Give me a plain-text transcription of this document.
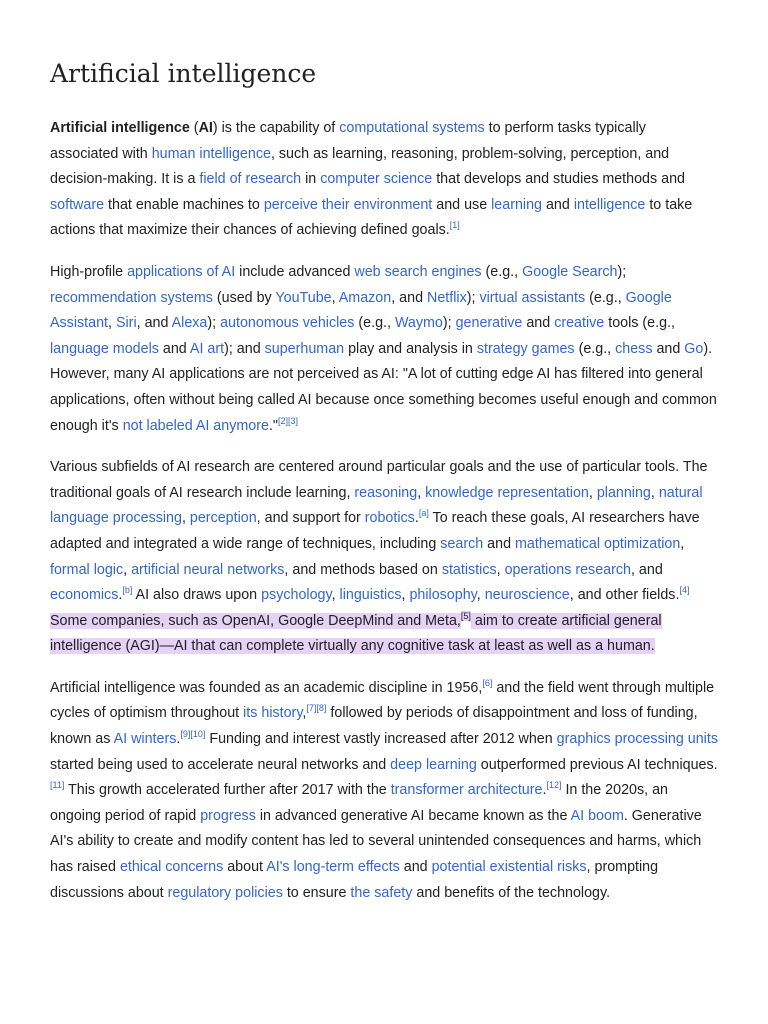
Artificial intelligence

Artificial intelligence (AI) is the capability of computational systems to perform tasks typically associated with human intelligence, such as learning, reasoning, problem-solving, perception, and decision-making. It is a field of research in computer science that develops and studies methods and software that enable machines to perceive their environment and use learning and intelligence to take actions that maximize their chances of achieving defined goals.[1]

High-profile applications of AI include advanced web search engines (e.g., Google Search); recommendation systems (used by YouTube, Amazon, and Netflix); virtual assistants (e.g., Google Assistant, Siri, and Alexa); autonomous vehicles (e.g., Waymo); generative and creative tools (e.g., language models and AI art); and superhuman play and analysis in strategy games (e.g., chess and Go). However, many AI applications are not perceived as AI: "A lot of cutting edge AI has filtered into general applications, often without being called AI because once something becomes useful enough and common enough it's not labeled AI anymore."[2][3]

Various subfields of AI research are centered around particular goals and the use of particular tools. The traditional goals of AI research include learning, reasoning, knowledge representation, planning, natural language processing, perception, and support for robotics.[a] To reach these goals, AI researchers have adapted and integrated a wide range of techniques, including search and mathematical optimization, formal logic, artificial neural networks, and methods based on statistics, operations research, and economics.[b] AI also draws upon psychology, linguistics, philosophy, neuroscience, and other fields.[4] Some companies, such as OpenAI, Google DeepMind and Meta,[5] aim to create artificial general intelligence (AGI)—AI that can complete virtually any cognitive task at least as well as a human.

Artificial intelligence was founded as an academic discipline in 1956,[6] and the field went through multiple cycles of optimism throughout its history,[7][8] followed by periods of disappointment and loss of funding, known as AI winters.[9][10] Funding and interest vastly increased after 2012 when graphics processing units started being used to accelerate neural networks and deep learning outperformed previous AI techniques.[11] This growth accelerated further after 2017 with the transformer architecture.[12] In the 2020s, an ongoing period of rapid progress in advanced generative AI became known as the AI boom. Generative AI's ability to create and modify content has led to several unintended consequences and harms, which has raised ethical concerns about AI's long-term effects and potential existential risks, prompting discussions about regulatory policies to ensure the safety and benefits of the technology.
